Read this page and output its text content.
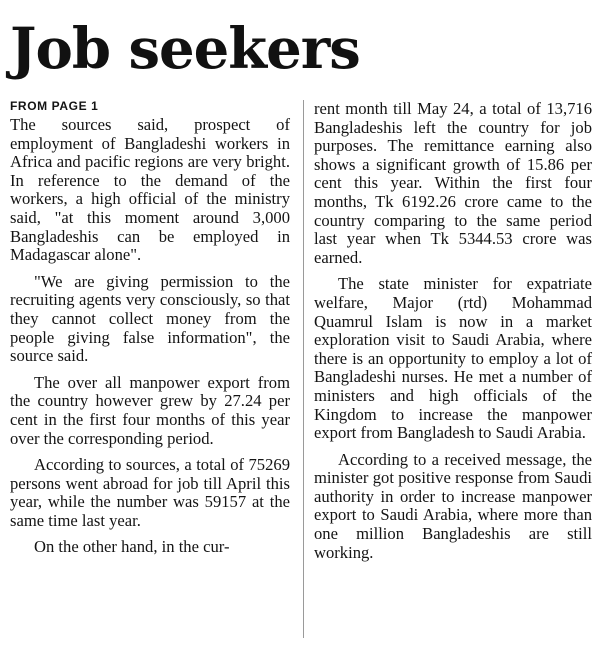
Job seekers
FROM PAGE 1

The sources said, prospect of employment of Bangladeshi workers in Africa and pacific regions are very bright. In reference to the demand of the workers, a high official of the ministry said, "at this moment around 3,000 Bangladeshis can be employed in Madagascar alone".

"We are giving permission to the recruiting agents very consciously, so that they cannot collect money from the people giving false information", the source said.

The over all manpower export from the country however grew by 27.24 per cent in the first four months of this year over the corresponding period.

According to sources, a total of 75269 persons went abroad for job till April this year, while the number was 59157 at the same time last year.

On the other hand, in the cur-

rent month till May 24, a total of 13,716 Bangladeshis left the country for job purposes. The remittance earning also shows a significant growth of 15.86 per cent this year. Within the first four months, Tk 6192.26 crore came to the country comparing to the same period last year when Tk 5344.53 crore was earned.

The state minister for expatriate welfare, Major (rtd) Mohammad Quamrul Islam is now in a market exploration visit to Saudi Arabia, where there is an opportunity to employ a lot of Bangladeshi nurses. He met a number of ministers and high officials of the Kingdom to increase the manpower export from Bangladesh to Saudi Arabia.

According to a received message, the minister got positive response from Saudi authority in order to increase manpower export to Saudi Arabia, where more than one million Bangladeshis are still working.
